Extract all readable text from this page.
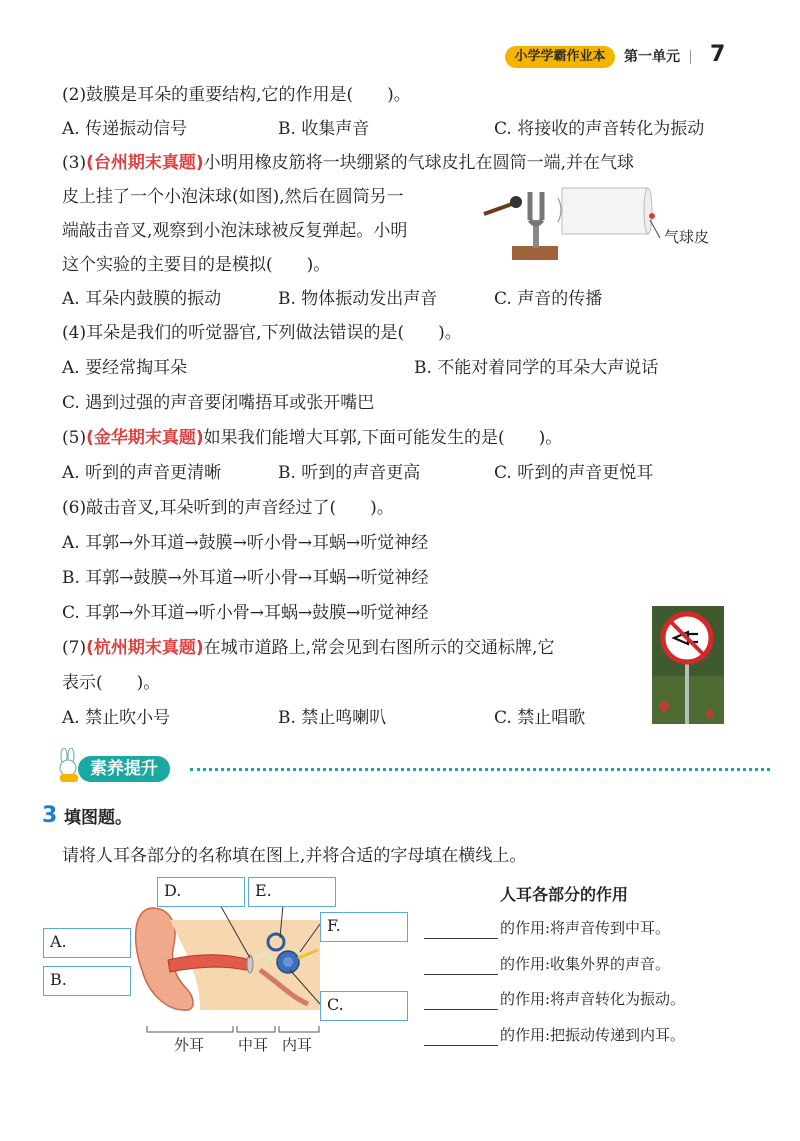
小学学霸作业本	第一单元 7
(2)鼓膜是耳朵的重要结构,它的作用是(　　)。
A. 传递振动信号	B. 收集声音	C. 将接收的声音转化为振动
(3)(台州期末真题)小明用橡皮筋将一块绷紧的气球皮扎在圆筒一端,并在气球
皮上挂了一个小泡沫球(如图),然后在圆筒另一
端敲击音叉,观察到小泡沫球被反复弹起。小明
这个实验的主要目的是模拟(　　)。
气球皮
A. 耳朵内鼓膜的振动	B. 物体振动发出声音	C. 声音的传播
(4)耳朵是我们的听觉器官,下列做法错误的是(　　)。
A. 要经常掏耳朵	B. 不能对着同学的耳朵大声说话
C. 遇到过强的声音要闭嘴捂耳或张开嘴巴
(5)(金华期末真题)如果我们能增大耳郭,下面可能发生的是(　　)。
A. 听到的声音更清晰	B. 听到的声音更高	C. 听到的声音更悦耳
(6)敲击音叉,耳朵听到的声音经过了(　　)。
A. 耳郭→外耳道→鼓膜→听小骨→耳蜗→听觉神经
B. 耳郭→鼓膜→外耳道→听小骨→耳蜗→听觉神经
C. 耳郭→外耳道→听小骨→耳蜗→鼓膜→听觉神经
(7)(杭州期末真题)在城市道路上,常会见到右图所示的交通标牌,它
表示(　　)。
A. 禁止吹小号	B. 禁止鸣喇叭	C. 禁止唱歌
素养提升
3 填图题。
请将人耳各部分的名称填在图上,并将合适的字母填在横线上。
D.	E.
F.
A.
B.
C.
外耳 中耳 内耳
人耳各部分的作用
的作用:将声音传到中耳。
的作用:收集外界的声音。
的作用:将声音转化为振动。
的作用:把振动传递到内耳。
